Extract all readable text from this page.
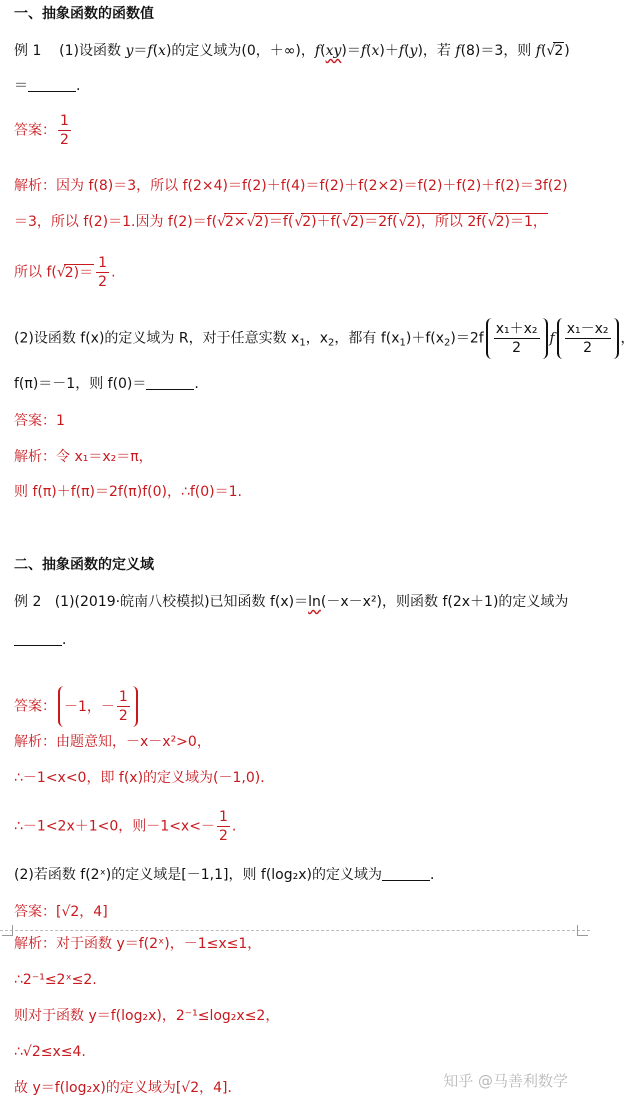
一、抽象函数的函数值
例 1 (1)设函数 y＝f(x)的定义域为(0，＋∞)，f(xy)＝f(x)＋f(y)，若 f(8)＝3，则 f(√2)
＝	.
答案： $\frac{1}{2}$
解析：因为 f(8)＝3，所以 f(2×4)＝f(2)＋f(4)＝f(2)＋f(2×2)＝f(2)＋f(2)＋f(2)＝3f(2)
＝3，所以 f(2)＝1.因为 f(2)＝f(√2×√2)＝f(√2)＋f(√2)＝2f(√2)，所以 2f(√2)＝1，
所以 $f(√2)= \frac{1}{2}$ .
(2)设函数 f(x)的定义域为 R，对于任意实数 $x_1$，$x_2$，都有 $f(x_1)+f(x_2)=2f \frac{\text{x₁＋x₂}}{2}$ f $\frac{\text{x₁－x₂}}{2}$ ，
f(π)＝－1，则 f(0)＝	.
答案：1
解析：令 x₁＝x₂＝π，
则 f(π)＋f(π)＝2f(π)f(0)，∴f(0)＝1.
二、抽象函数的定义域
例 2 (1)(2019·皖南八校模拟)已知函数 f(x)＝ln(－x－x²)，则函数 f(2x＋1)的定义域为
．
答案： －1，－ $\frac{1}{2}$
解析：由题意知，－x－x²>0，
∴－1<x<0，即 f(x)的定义域为(－1,0)．
∴－1<2x＋1<0，则$-1<x<- \frac{1}{2}$ .
(2)若函数 f(2ˣ)的定义域是[－1,1]，则 f(log₂x)的定义域为	．
答案：[√2，4]
解析：对于函数 y＝f(2ˣ)，－1≤x≤1，
∴2⁻¹≤2ˣ≤2.
则对于函数 y＝f(log₂x)，2⁻¹≤log₂x≤2，
∴√2≤x≤4.
故 y＝f(log₂x)的定义域为[√2，4]．	知乎 @马善利数学
